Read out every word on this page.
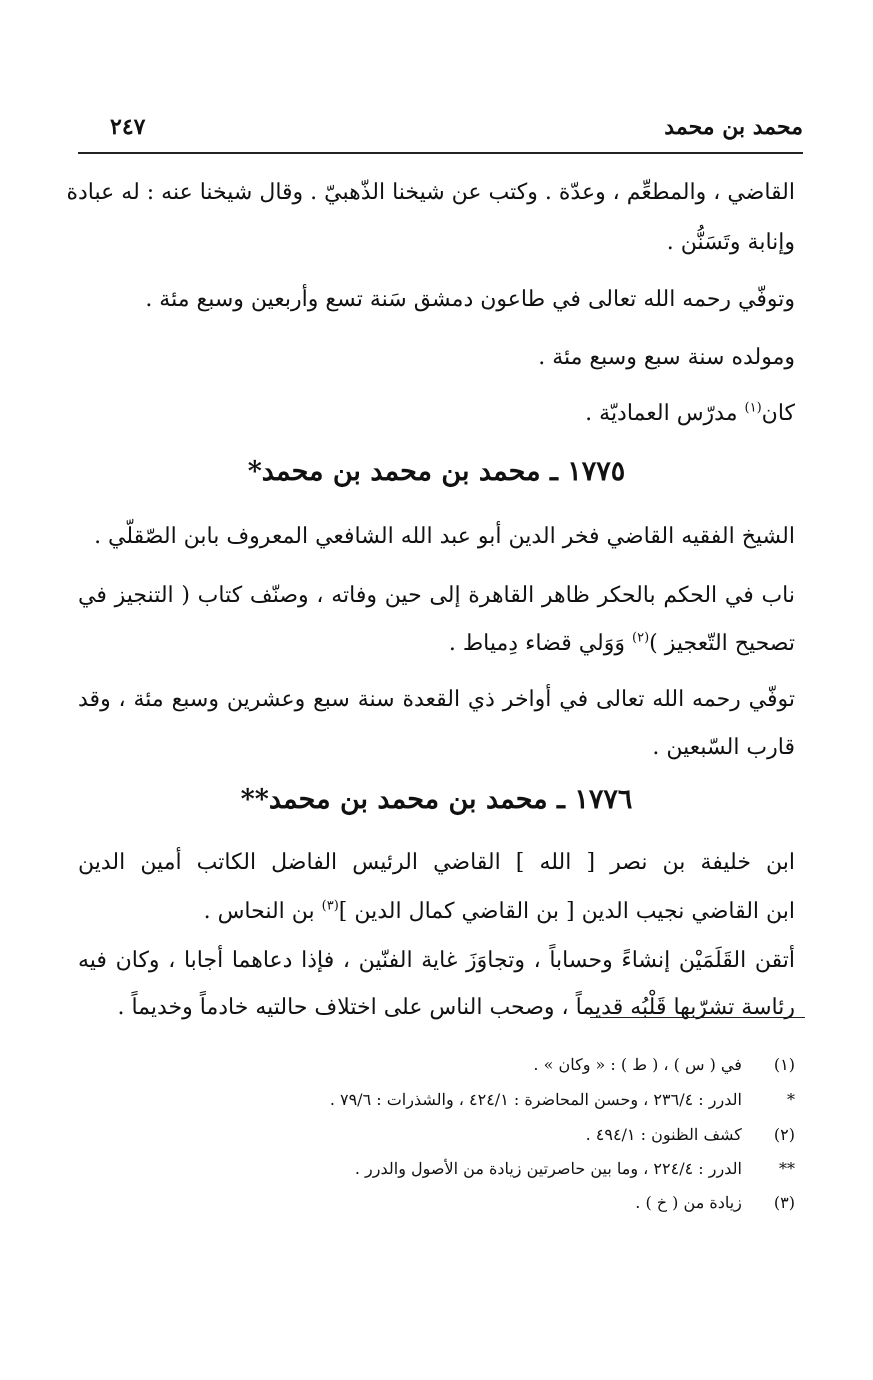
٢٤٧	محمد بن محمد
القاضي ، والمطعِّم ، وعدّة . وكتب عن شيخنا الذّهبيّ . وقال شيخنا عنه : له عبادة
وإنابة وتَسَنُّن .
وتوفّي رحمه الله تعالى في طاعون دمشق سَنة تسع وأربعين وسبع مئة .
ومولده سنة سبع وسبع مئة .
كان$^{(١)}$ مدرّس العماديّة .
١٧٧٥ ـ محمد بن محمد بن محمد*
الشيخ الفقيه القاضي فخر الدين أبو عبد الله الشافعي المعروف بابن الصّقلّي .
ناب في الحكم بالحكر ظاهر القاهرة إلى حين وفاته ، وصنّف كتاب ( التنجيز في
تصحيح التّعجيز )$^{(٢)}$ وَوَلي قضاء دِمياط .
توفّي رحمه الله تعالى في أواخر ذي القعدة سنة سبع وعشرين وسبع مئة ، وقد
قارب السّبعين .
١٧٧٦ ـ محمد بن محمد بن محمد**
ابن خليفة بن نصر [ الله ] القاضي الرئيس الفاضل الكاتب أمين الدين
ابن القاضي نجيب الدين [ بن القاضي كمال الدين ]$^{(٣)}$ بن النحاس .
أتقن القَلَمَيْن إنشاءً وحساباً ، وتجاوَزَ غاية الفنّين ، فإذا دعاهما أجابا ، وكان فيه
رئاسة تشرّبها قَلْبُه قديماً ، وصحب الناس على اختلاف حالتيه خادماً وخديماً .
(١) في ( س ) ، ( ط ) : « وكان » .
* الدرر : ٢٣٦/٤ ، وحسن المحاضرة : ٤٢٤/١ ، والشذرات : ٧٩/٦ .
(٢) كشف الظنون : ٤٩٤/١ .
** الدرر : ٢٢٤/٤ ، وما بين حاصرتين زيادة من الأصول والدرر .
(٣) زيادة من ( خ ) .
